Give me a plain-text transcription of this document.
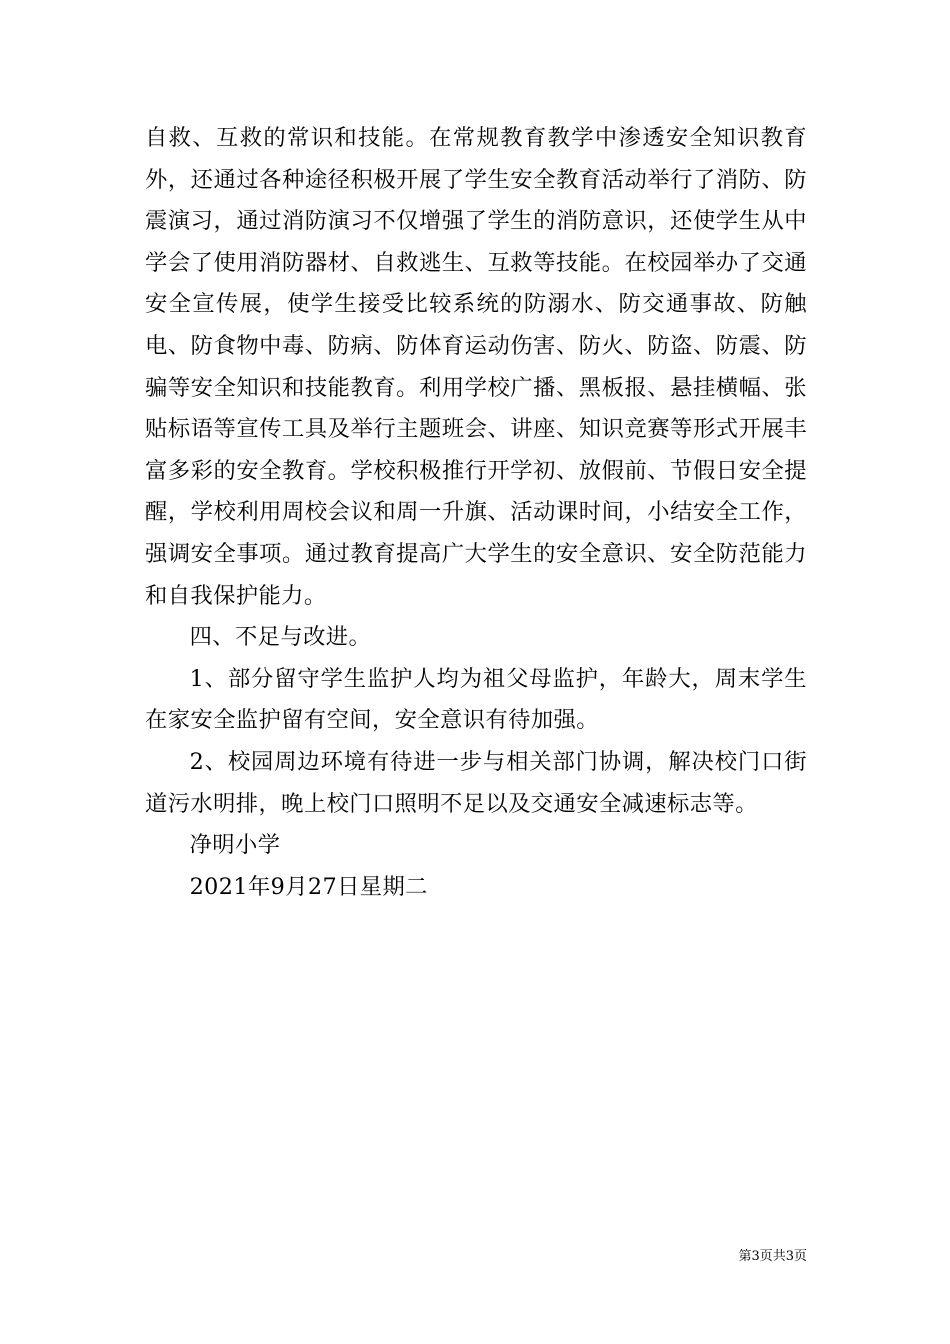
自救、互救的常识和技能。在常规教育教学中渗透安全知识教育外，还通过各种途径积极开展了学生安全教育活动举行了消防、防震演习，通过消防演习不仅增强了学生的消防意识，还使学生从中学会了使用消防器材、自救逃生、互救等技能。在校园举办了交通安全宣传展，使学生接受比较系统的防溺水、防交通事故、防触电、防食物中毒、防病、防体育运动伤害、防火、防盗、防震、防骗等安全知识和技能教育。利用学校广播、黑板报、悬挂横幅、张贴标语等宣传工具及举行主题班会、讲座、知识竞赛等形式开展丰富多彩的安全教育。学校积极推行开学初、放假前、节假日安全提醒，学校利用周校会议和周一升旗、活动课时间，小结安全工作，强调安全事项。通过教育提高广大学生的安全意识、安全防范能力和自我保护能力。

四、不足与改进。

1、部分留守学生监护人均为祖父母监护，年龄大，周末学生在家安全监护留有空间，安全意识有待加强。

2、校园周边环境有待进一步与相关部门协调，解决校门口街道污水明排，晚上校门口照明不足以及交通安全减速标志等。

净明小学

2021年9月27日星期二

第3页共3页
